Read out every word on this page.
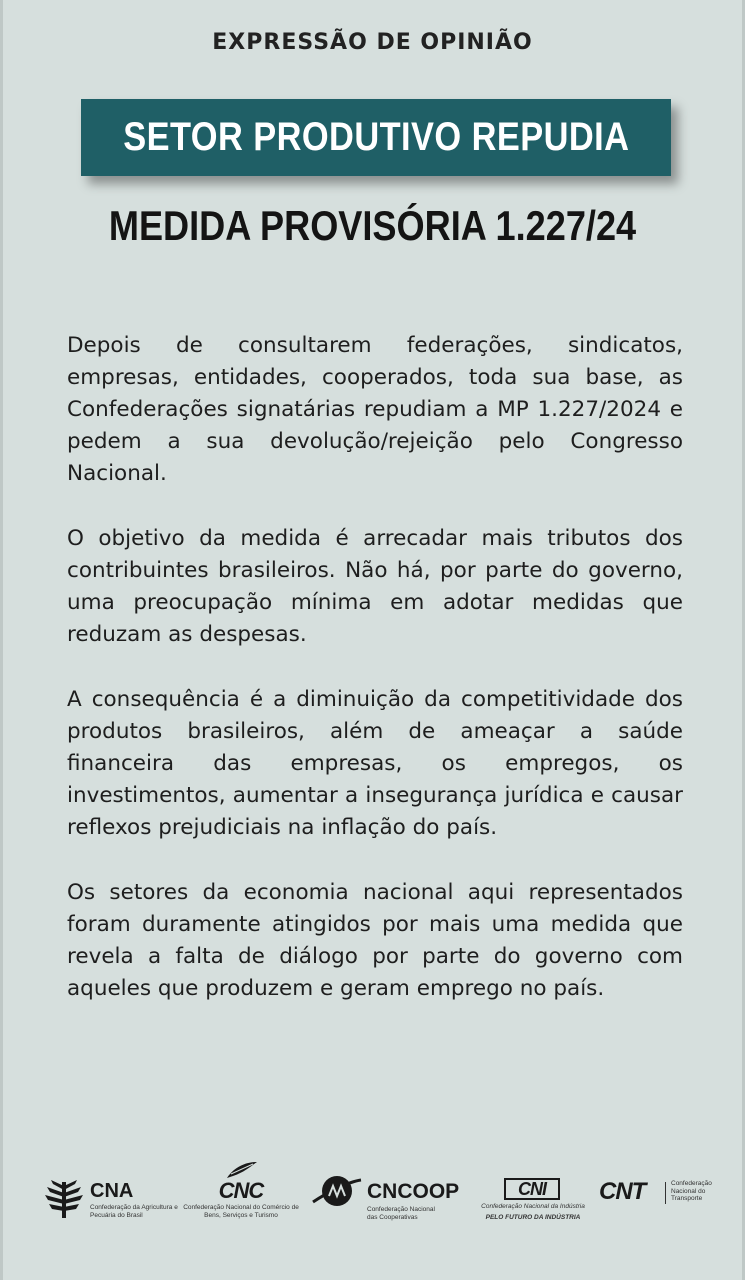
EXPRESSÃO DE OPINIÃO
SETOR PRODUTIVO REPUDIA
MEDIDA PROVISÓRIA 1.227/24

Depois de consultarem federações, sindicatos, empresas, entidades, cooperados, toda sua base, as Confederações signatárias repudiam a MP 1.227/2024 e pedem a sua devolução/rejeição pelo Congresso Nacional.

O objetivo da medida é arrecadar mais tributos dos contribuintes brasileiros. Não há, por parte do governo, uma preocupação mínima em adotar medidas que reduzam as despesas.

A consequência é a diminuição da competitividade dos produtos brasileiros, além de ameaçar a saúde financeira das empresas, os empregos, os investimentos, aumentar a insegurança jurídica e causar reflexos prejudiciais na inflação do país.

Os setores da economia nacional aqui representados foram duramente atingidos por mais uma medida que revela a falta de diálogo por parte do governo com aqueles que produzem e geram emprego no país.

CNA
Confederação da Agricultura e Pecuária do Brasil
CNC
Confederação Nacional do Comércio de Bens, Serviços e Turismo
CNCOOP
Confederação Nacional das Cooperativas
CNI
Confederação Nacional da Indústria
PELO FUTURO DA INDÚSTRIA
CNT	Confederação Nacional do Transporte
